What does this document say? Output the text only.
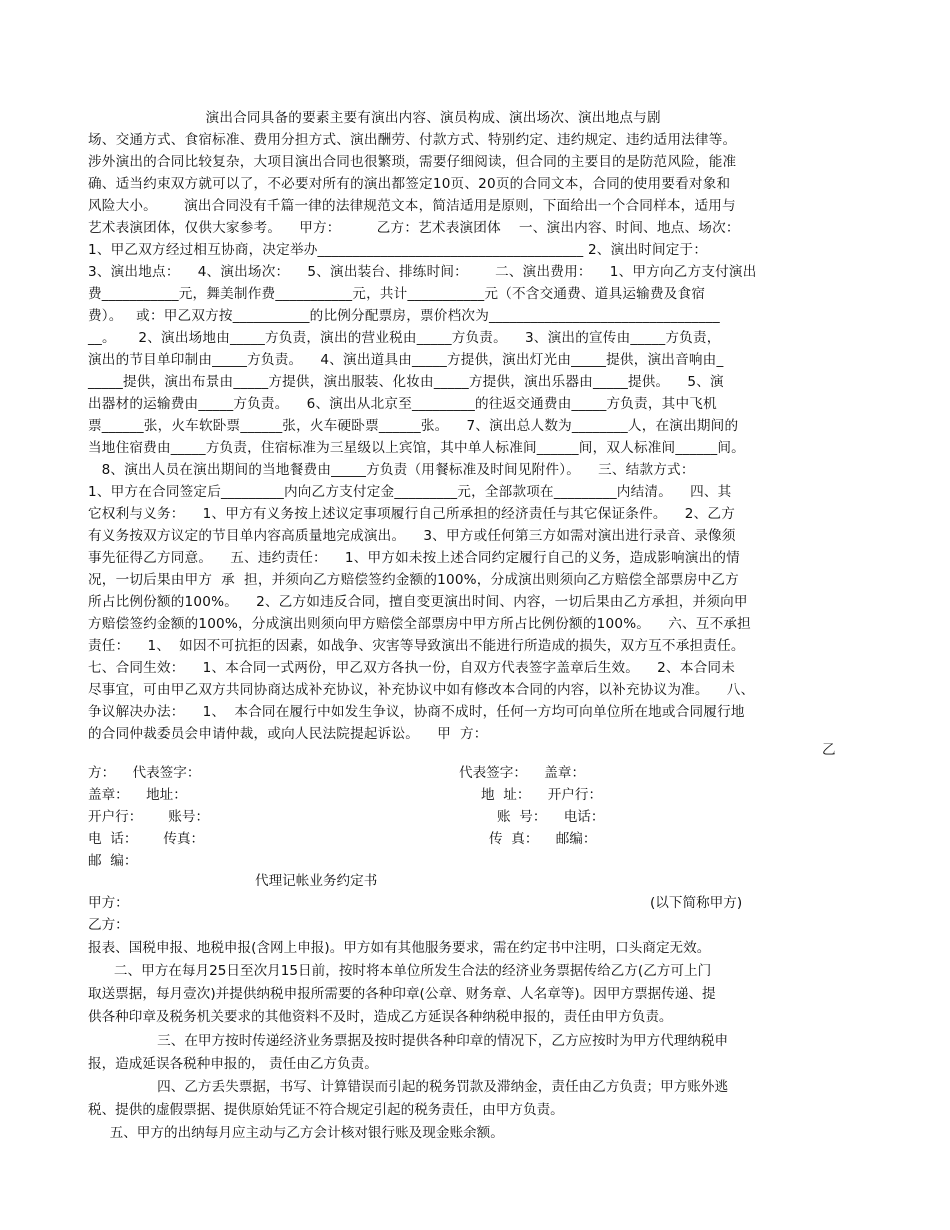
演出合同具备的要素主要有演出内容、演员构成、演出场次、演出地点与剧
场、交通方式、食宿标准、费用分担方式、演出酬劳、付款方式、特别约定、违约规定、违约适用法律等。
涉外演出的合同比较复杂，大项目演出合同也很繁琐，需要仔细阅读，但合同的主要目的是防范风险，能准
确、适当约束双方就可以了，不必要对所有的演出都签定10页、20页的合同文本，合同的使用要看对象和
风险大小。      演出合同没有千篇一律的法律规范文本，简洁适用是原则，下面给出一个合同样本，适用与
艺术表演团体，仅供大家参考。    甲方：        乙方：艺术表演团体    一、演出内容、时间、地点、场次：
1、甲乙双方经过相互协商，决定举办______________________________________ 2、演出时间定于：
3、演出地点：    4、演出场次：    5、演出装台、排练时间：      二、演出费用：    1、甲方向乙方支付演出
费___________元，舞美制作费___________元，共计___________元（不含交通费、道具运输费及食宿
费）。   或：甲乙双方按___________的比例分配票房，票价档次为_________________________________
__。     2、演出场地由_____方负责，演出的营业税由_____方负责。    3、演出的宣传由_____方负责，
演出的节目单印制由_____方负责。    4、演出道具由_____方提供，演出灯光由_____提供，演出音响由_
_____提供，演出布景由_____方提供，演出服装、化妆由_____方提供，演出乐器由_____提供。    5、演
出器材的运输费由_____方负责。    6、演出从北京至_________的往返交通费由_____方负责，其中飞机
票______张，火车软卧票______张，火车硬卧票______张。    7、演出总人数为________人，在演出期间的
当地住宿费由_____方负责，住宿标准为三星级以上宾馆，其中单人标准间______间，双人标准间______间。
8、演出人员在演出期间的当地餐费由_____方负责（用餐标准及时间见附件）。    三、结款方式：
1、甲方在合同签定后_________内向乙方支付定金_________元，全部款项在_________内结清。    四、其
它权利与义务：    1、甲方有义务按上述议定事项履行自己所承担的经济责任与其它保证条件。    2、乙方
有义务按双方议定的节目单内容高质量地完成演出。    3、甲方或任何第三方如需对演出进行录音、录像须
事先征得乙方同意。    五、违约责任：    1、甲方如未按上述合同约定履行自己的义务，造成影响演出的情
况，一切后果由甲方  承  担，并须向乙方赔偿签约金额的100%，分成演出则须向乙方赔偿全部票房中乙方
所占比例份额的100%。    2、乙方如违反合同，擅自变更演出时间、内容，一切后果由乙方承担，并须向甲
方赔偿签约金额的100%，分成演出则须向甲方赔偿全部票房中甲方所占比例份额的100%。    六、互不承担
责任：    1、  如因不可抗拒的因素，如战争、灾害等导致演出不能进行所造成的损失，双方互不承担责任。
七、合同生效：    1、本合同一式两份，甲乙双方各执一份，自双方代表签字盖章后生效。    2、本合同未
尽事宜，可由甲乙双方共同协商达成补充协议，补充协议中如有修改本合同的内容，以补充协议为准。    八、
争议解决办法：    1、  本合同在履行中如发生争议，协商不成时，任何一方均可向单位所在地或合同履行地
的合同仲裁委员会申请仲裁，或向人民法院提起诉讼。    甲  方：
乙
方：    代表签字：
盖章：    地址：
开户行：      账号：
电  话：      传真：
邮  编：
代表签字：    盖章：
地  址：    开户行：
账  号：    电话：
传  真：    邮编：
代理记帐业务约定书
甲方：	(以下简称甲方)
乙方：
报表、国税申报、地税申报(含网上申报)。甲方如有其他服务要求，需在约定书中注明，口头商定无效。
二、甲方在每月25日至次月15日前，按时将本单位所发生合法的经济业务票据传给乙方(乙方可上门
取送票据，每月壹次)并提供纳税申报所需要的各种印章(公章、财务章、人名章等)。因甲方票据传递、提
供各种印章及税务机关要求的其他资料不及时，造成乙方延误各种纳税申报的，责任由甲方负责。
三、在甲方按时传递经济业务票据及按时提供各种印章的情况下，乙方应按时为甲方代理纳税申
报，造成延误各税种申报的， 责任由乙方负责。
四、乙方丢失票据，书写、计算错误而引起的税务罚款及滞纳金，责任由乙方负责；甲方账外逃
税、提供的虚假票据、提供原始凭证不符合规定引起的税务责任，由甲方负责。
五、甲方的出纳每月应主动与乙方会计核对银行账及现金账余额。
